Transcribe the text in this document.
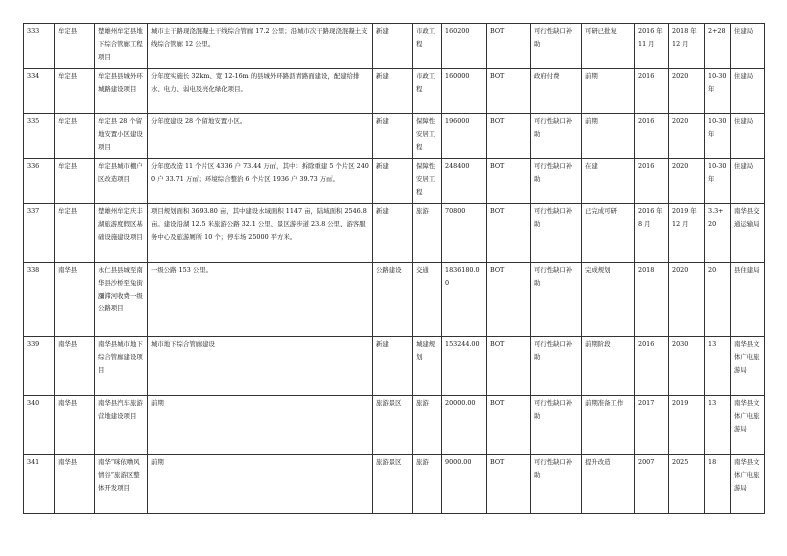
333	牟定县	楚雄州牟定县地下综合管廊工程项目	城市主干路现浇混凝土干线综合管廊 17.2 公里；沿城市次干路现浇混凝土支线综合管廊 12 公里。	新建	市政工程	160200	BOT	可行性缺口补助	可研已批复	2016 年 11 月	2018 年 12 月	2+28	住建局
334	牟定县	牟定县县城外环城路建设项目	分年度实施长 32km、宽 12-16m 的县城外环路沥青路面建设，配建给排水、电力、弱电及亮化绿化项目。	新建	市政工程	160000	BOT	政府付费	前期	2016	2020	10-30 年	住建局
335	牟定县	牟定县 28 个留地安置小区建设项目	分年度建设 28 个留地安置小区。	新建	保障性安居工程	196000	BOT	可行性缺口补助	前期	2016	2020	10-30 年	住建局
336	牟定县	牟定县城市棚户区改造项目	分年度改造 11 个片区 4336 户 73.44 万㎡，其中：拆除重建 5 个片区 2400 户 33.71 万㎡；环境综合整治 6 个片区 1936 户 39.73 万㎡。	新建	保障性安居工程	248400	BOT	可行性缺口补助	在建	2016	2020	10-30 年	住建局
337	牟定县	楚雄州牟定庆丰湖旅游度假区基础设施建设项目	项目规划面积 3693.80 亩，其中建设水域面积 1147 亩，陆域面积 2546.8 亩。建设沿湖 12.5 米旅游公路 32.1 公里、景区游步道 23.8 公里、游客服务中心及旅游厕所 10 个；停车场 25000 平方米。	新建	旅游	70800	BOT	可行性缺口补助	已完成可研	2016 年 8 月	2019 年 12 月	3.3+20	南华县交通运输局
338	南华县	永仁县县城至南华县沙桥至兔街瀰滞河收费一级公路项目	一级公路 153 公里。	公路建设	交通	1836180.00	BOT	可行性缺口补助	完成规划	2018	2020	20	县住建局
339	南华县	南华县城市地下综合管廊建设项目	城市地下综合管廊建设	新建	城建规划	153244.00	BOT	可行性缺口补助	前期阶段	2016	2030	13	南华县文体广电旅游局
340	南华县	南华县汽车旅游营地建设项目	前期	旅游景区	旅游	20000.00	BOT	可行性缺口补助	前期准备工作	2017	2019	13	南华县文体广电旅游局
341	南华县	南华“咪依噜风情谷”旅游区整体开发项目	前期	旅游景区	旅游	9000.00	BOT	可行性缺口补助	提升改造	2007	2025	18	南华县文体广电旅游局
